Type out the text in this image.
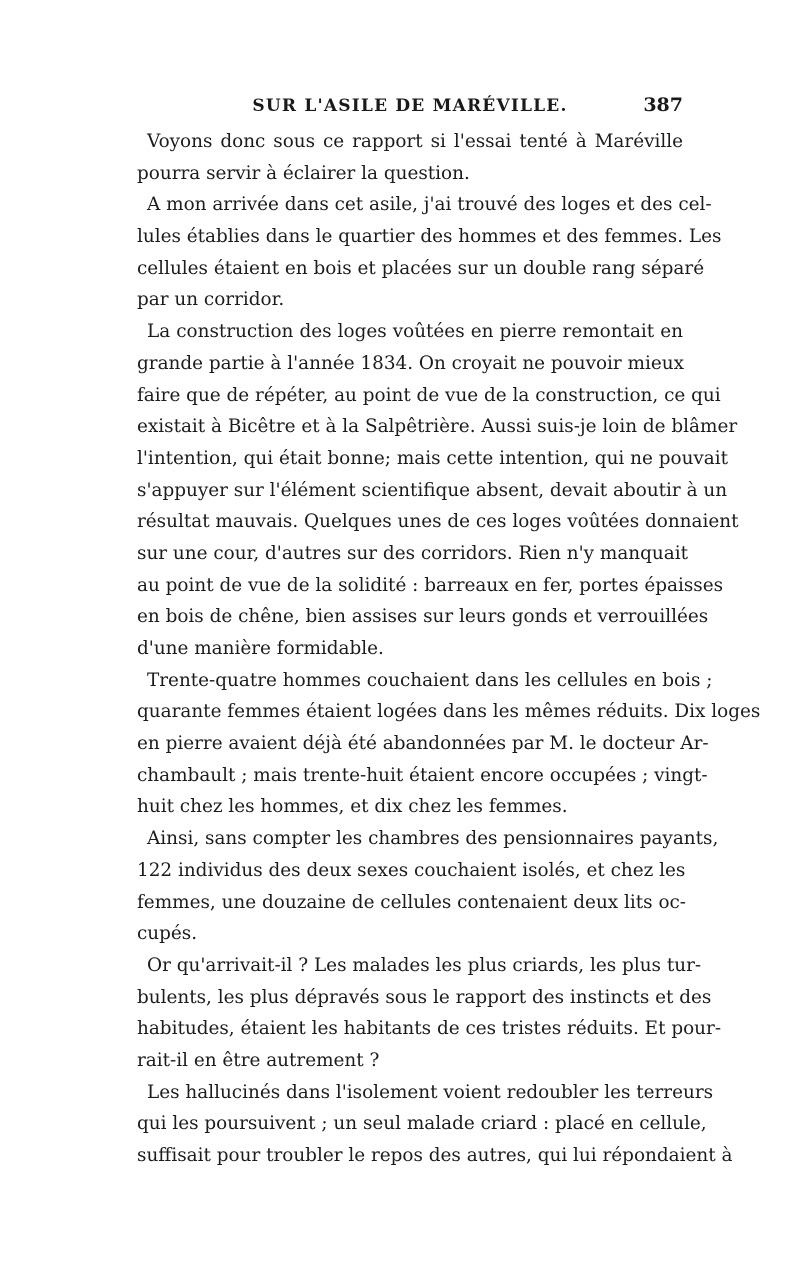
SUR L'ASILE DE MARÉVILLE.	387
Voyons donc sous ce rapport si l'essai tenté à Maréville
pourra servir à éclairer la question.
A mon arrivée dans cet asile, j'ai trouvé des loges et des cel-
lules établies dans le quartier des hommes et des femmes. Les
cellules étaient en bois et placées sur un double rang séparé
par un corridor.
La construction des loges voûtées en pierre remontait en
grande partie à l'année 1834. On croyait ne pouvoir mieux
faire que de répéter, au point de vue de la construction, ce qui
existait à Bicêtre et à la Salpêtrière. Aussi suis-je loin de blâmer
l'intention, qui était bonne; mais cette intention, qui ne pouvait
s'appuyer sur l'élément scientifique absent, devait aboutir à un
résultat mauvais. Quelques unes de ces loges voûtées donnaient
sur une cour, d'autres sur des corridors. Rien n'y manquait
au point de vue de la solidité : barreaux en fer, portes épaisses
en bois de chêne, bien assises sur leurs gonds et verrouillées
d'une manière formidable.
Trente-quatre hommes couchaient dans les cellules en bois ;
quarante femmes étaient logées dans les mêmes réduits. Dix loges
en pierre avaient déjà été abandonnées par M. le docteur Ar-
chambault ; mais trente-huit étaient encore occupées ; vingt-
huit chez les hommes, et dix chez les femmes.
Ainsi, sans compter les chambres des pensionnaires payants,
122 individus des deux sexes couchaient isolés, et chez les
femmes, une douzaine de cellules contenaient deux lits oc-
cupés.
Or qu'arrivait-il ? Les malades les plus criards, les plus tur-
bulents, les plus dépravés sous le rapport des instincts et des
habitudes, étaient les habitants de ces tristes réduits. Et pour-
rait-il en être autrement ?
Les hallucinés dans l'isolement voient redoubler les terreurs
qui les poursuivent ; un seul malade criard : placé en cellule,
suffisait pour troubler le repos des autres, qui lui répondaient à
